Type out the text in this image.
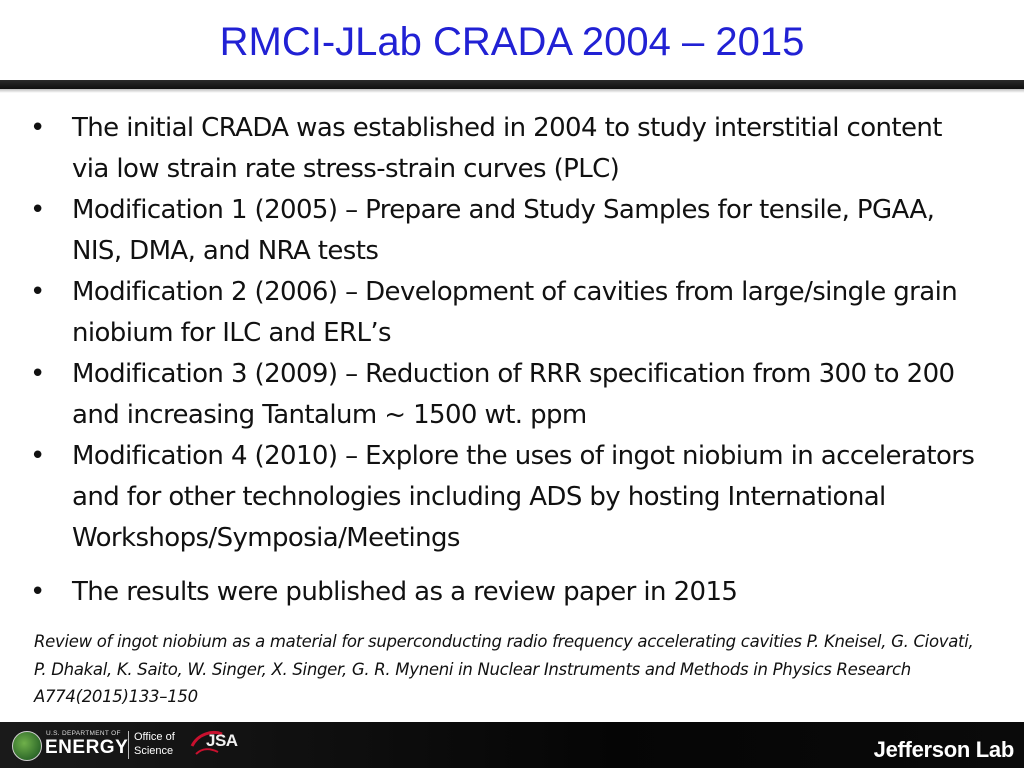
RMCI-JLab CRADA 2004 – 2015
• The initial CRADA was established in 2004 to study interstitial content via low strain rate stress-strain curves (PLC)
• Modification 1 (2005) – Prepare and Study Samples for tensile, PGAA, NIS, DMA, and NRA tests
• Modification 2 (2006) – Development of cavities from large/single grain niobium for ILC and ERL’s
• Modification 3 (2009) – Reduction of RRR specification from 300 to 200 and increasing Tantalum ~ 1500 wt. ppm
• Modification 4 (2010) – Explore the uses of ingot niobium in accelerators and for other technologies including ADS by hosting International Workshops/Symposia/Meetings
• The results were published as a review paper in 2015
Review of ingot niobium as a material for superconducting radio frequency accelerating cavities P. Kneisel, G. Ciovati, P. Dhakal, K. Saito, W. Singer, X. Singer, G. R. Myneni in Nuclear Instruments and Methods in Physics Research A774(2015)133–150
U.S. DEPARTMENT OF
ENERGY Office of
Science
JSA	Jefferson Lab
